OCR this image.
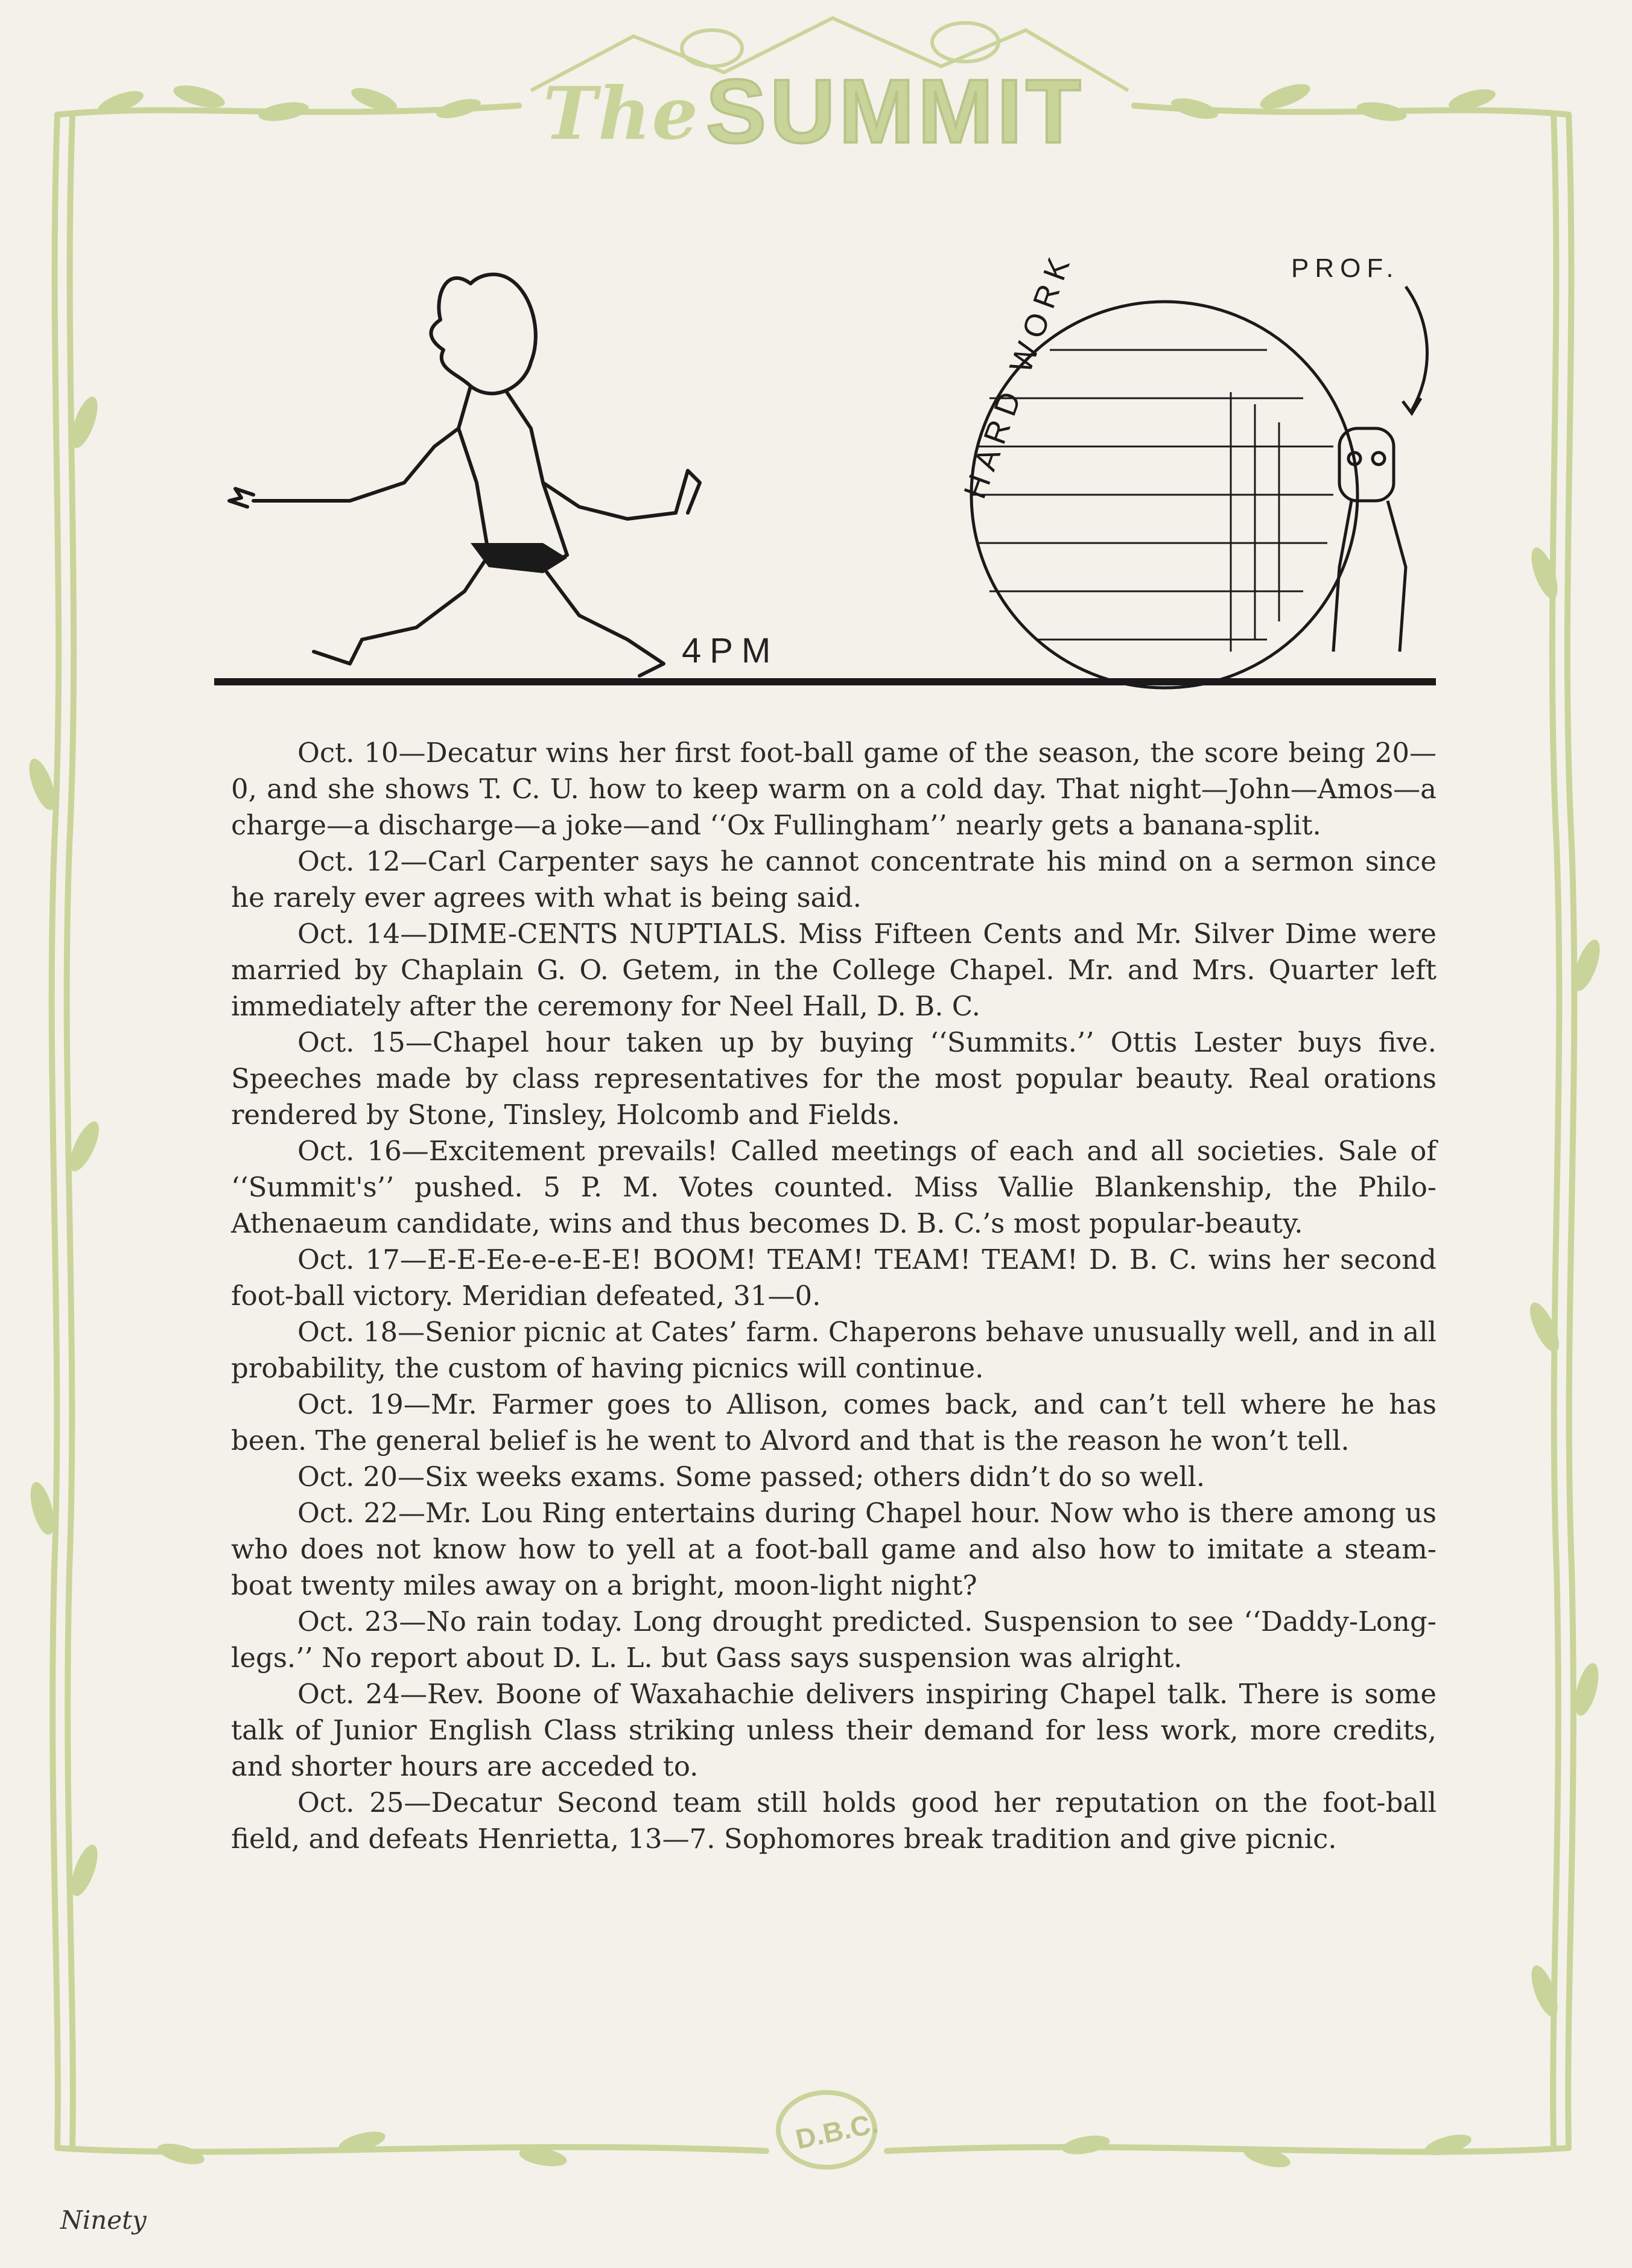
The SUMMIT
HARD WORK
4PM
PROF.

Oct. 10—Decatur wins her first foot-ball game of the season, the score being 20—0, and she shows T. C. U. how to keep warm on a cold day. That night—John—Amos—a charge—a discharge—a joke—and ‘‘Ox Fullingham’’ nearly gets a banana-split.

Oct. 12—Carl Carpenter says he cannot concentrate his mind on a sermon since he rarely ever agrees with what is being said.

Oct. 14—DIME-CENTS NUPTIALS. Miss Fifteen Cents and Mr. Silver Dime were married by Chaplain G. O. Getem, in the College Chapel. Mr. and Mrs. Quarter left immediately after the ceremony for Neel Hall, D. B. C.

Oct. 15—Chapel hour taken up by buying ‘‘Summits.’’ Ottis Lester buys five. Speeches made by class representatives for the most popular beauty. Real orations rendered by Stone, Tinsley, Holcomb and Fields.

Oct. 16—Excitement prevails! Called meetings of each and all societies. Sale of ‘‘Summit's’’ pushed. 5 P. M. Votes counted. Miss Vallie Blankenship, the Philo-Athenaeum candidate, wins and thus becomes D. B. C.’s most popular-beauty.

Oct. 17—E-E-Ee-e-e-E-E! BOOM! TEAM! TEAM! TEAM! D. B. C. wins her second foot-ball victory. Meridian defeated, 31—0.

Oct. 18—Senior picnic at Cates’ farm. Chaperons behave unusually well, and in all probability, the custom of having picnics will continue.

Oct. 19—Mr. Farmer goes to Allison, comes back, and can’t tell where he has been. The general belief is he went to Alvord and that is the reason he won’t tell.

Oct. 20—Six weeks exams. Some passed; others didn’t do so well.

Oct. 22—Mr. Lou Ring entertains during Chapel hour. Now who is there among us who does not know how to yell at a foot-ball game and also how to imitate a steam-boat twenty miles away on a bright, moon-light night?

Oct. 23—No rain today. Long drought predicted. Suspension to see ‘‘Daddy-Long-legs.’’ No report about D. L. L. but Gass says suspension was alright.

Oct. 24—Rev. Boone of Waxahachie delivers inspiring Chapel talk. There is some talk of Junior English Class striking unless their demand for less work, more credits, and shorter hours are acceded to.

Oct. 25—Decatur Second team still holds good her reputation on the foot-ball field, and defeats Henrietta, 13—7. Sophomores break tradition and give picnic.

D.B.C.
Ninety
